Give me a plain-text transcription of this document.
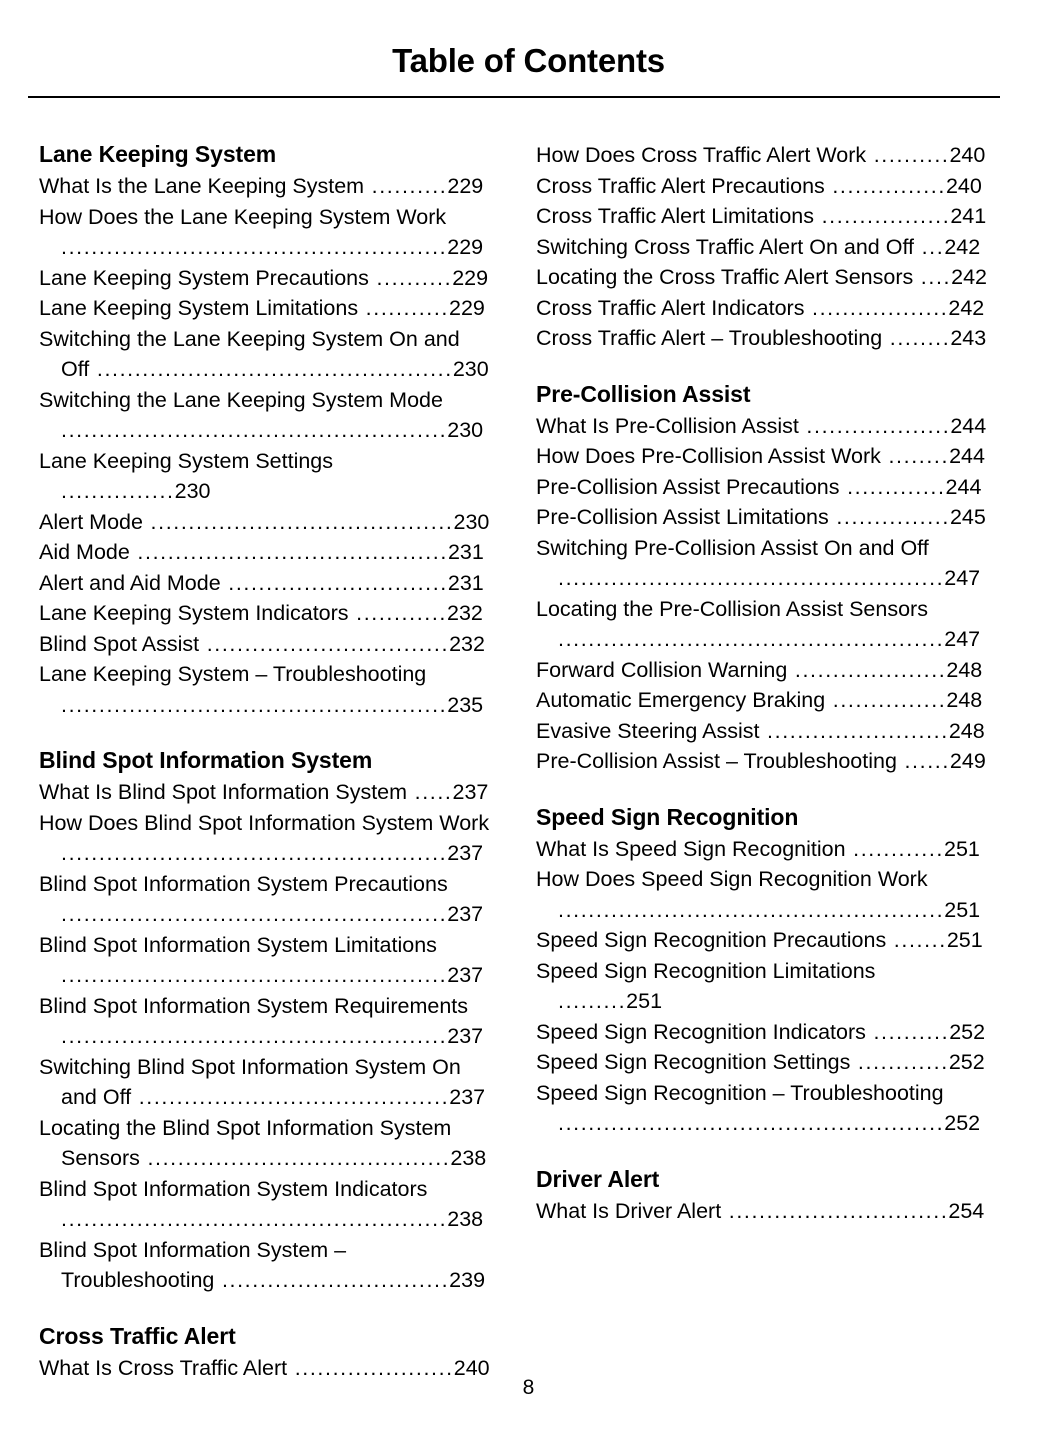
Table of Contents
Lane Keeping System
What Is the Lane Keeping System ..........229
How Does the Lane Keeping System Work
...................................................229
Lane Keeping System Precautions ..........229
Lane Keeping System Limitations ...........229
Switching the Lane Keeping System On and
Off ...............................................230
Switching the Lane Keeping System Mode
...................................................230
Lane Keeping System Settings ...............230
Alert Mode ........................................230
Aid Mode .........................................231
Alert and Aid Mode .............................231
Lane Keeping System Indicators ............232
Blind Spot Assist ................................232
Lane Keeping System – Troubleshooting
...................................................235
Blind Spot Information System
What Is Blind Spot Information System .....237
How Does Blind Spot Information System Work
...................................................237
Blind Spot Information System Precautions
...................................................237
Blind Spot Information System Limitations
...................................................237
Blind Spot Information System Requirements
...................................................237
Switching Blind Spot Information System On
and Off .........................................237
Locating the Blind Spot Information System
Sensors ........................................238
Blind Spot Information System Indicators
...................................................238
Blind Spot Information System –
Troubleshooting ..............................239
Cross Traffic Alert
What Is Cross Traffic Alert .....................240
How Does Cross Traffic Alert Work ..........240
Cross Traffic Alert Precautions ...............240
Cross Traffic Alert Limitations .................241
Switching Cross Traffic Alert On and Off ...242
Locating the Cross Traffic Alert Sensors ....242
Cross Traffic Alert Indicators ..................242
Cross Traffic Alert – Troubleshooting ........243
Pre-Collision Assist
What Is Pre-Collision Assist ...................244
How Does Pre-Collision Assist Work ........244
Pre-Collision Assist Precautions .............244
Pre-Collision Assist Limitations ...............245
Switching Pre-Collision Assist On and Off
...................................................247
Locating the Pre-Collision Assist Sensors
...................................................247
Forward Collision Warning ....................248
Automatic Emergency Braking ...............248
Evasive Steering Assist ........................248
Pre-Collision Assist – Troubleshooting ......249
Speed Sign Recognition
What Is Speed Sign Recognition ............251
How Does Speed Sign Recognition Work
...................................................251
Speed Sign Recognition Precautions .......251
Speed Sign Recognition Limitations .........251
Speed Sign Recognition Indicators ..........252
Speed Sign Recognition Settings ............252
Speed Sign Recognition – Troubleshooting
...................................................252
Driver Alert
What Is Driver Alert .............................254
8
